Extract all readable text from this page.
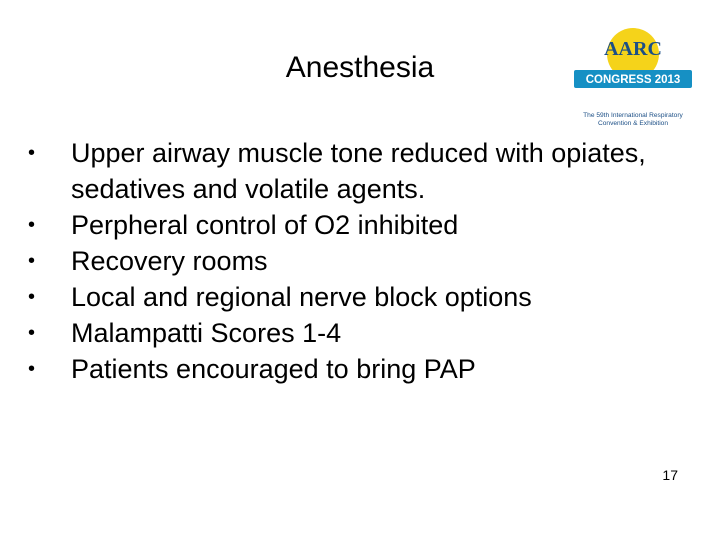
Anesthesia
AARC
CONGRESS 2013
The 59th International Respiratory
Convention & Exhibition
• Upper airway muscle tone reduced with opiates, sedatives and volatile agents.
• Perpheral control of O2 inhibited
• Recovery rooms
• Local and regional nerve block options
• Malampatti Scores 1-4
• Patients encouraged to bring PAP
17
